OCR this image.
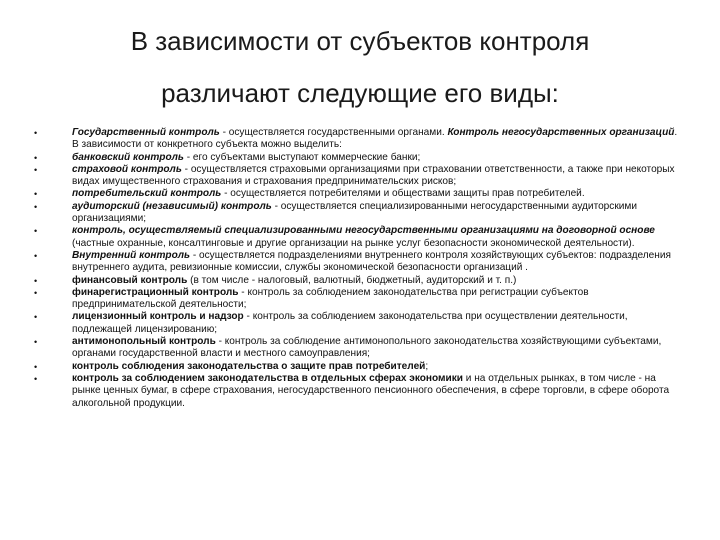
В зависимости от субъектов контроля
различают следующие его виды:
•	Государственный контроль - осуществляется государственными органами. Контроль негосударственных организаций. В зависимости от конкретного субъекта можно выделить:
•	банковский контроль - его субъектами выступают коммерческие банки;
•	страховой контроль - осуществляется страховыми организациями при страховании ответственности, а также при некоторых видах имущественного страхования и страхования предпринимательских рисков;
•	потребительский контроль - осуществляется потребителями и обществами защиты прав потребителей.
•	аудиторский (независимый) контроль - осуществляется специализированными негосударственными аудиторскими организациями;
•	контроль, осуществляемый специализированными негосударственными организациями на договорной основе (частные охранные, консалтинговые и другие организации на рынке услуг безопасности экономической деятельности).
•	Внутренний контроль - осуществляется подразделениями внутреннего контроля хозяйствующих субъектов: подразделения внутреннего аудита, ревизионные комиссии, службы экономической безопасности организаций .
•	финансовый контроль (в том числе - налоговый, валютный, бюджетный, аудиторский и т. п.)
•	финарегистрационный контроль - контроль за соблюдением законодательства при регистрации субъектов предпринимательской деятельности;
•	лицензионный контроль и надзор - контроль за соблюдением законодательства при осуществлении деятельности, подлежащей лицензированию;
•	антимонопольный контроль - контроль за соблюдение антимонопольного законодательства хозяйствующими субъектами, органами государственной власти и местного самоуправления;
•	контроль соблюдения законодательства о защите прав потребителей;
•	контроль за соблюдением законодательства в отдельных сферах экономики и на отдельных рынках, в том числе - на рынке ценных бумаг, в сфере страхования, негосударственного пенсионного обеспечения, в сфере торговли, в сфере оборота алкогольной продукции.
